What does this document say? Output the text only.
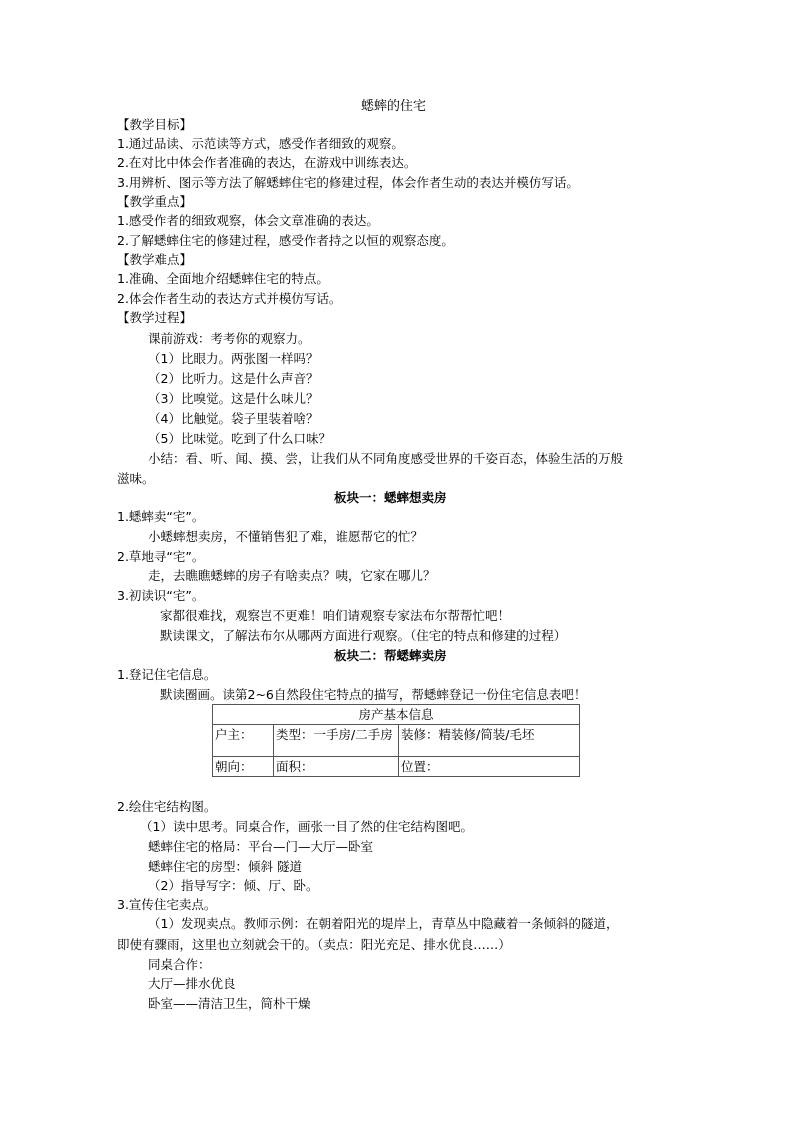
蟋蟀的住宅
【教学目标】
1.通过品读、示范读等方式，感受作者细致的观察。
2.在对比中体会作者准确的表达，在游戏中训练表达。
3.用辨析、图示等方法了解蟋蟀住宅的修建过程，体会作者生动的表达并模仿写话。
【教学重点】
1.感受作者的细致观察，体会文章准确的表达。
2.了解蟋蟀住宅的修建过程，感受作者持之以恒的观察态度。
【教学难点】
1.准确、全面地介绍蟋蟀住宅的特点。
2.体会作者生动的表达方式并模仿写话。
【教学过程】
课前游戏：考考你的观察力。
（1）比眼力。两张图一样吗？
（2）比听力。这是什么声音？
（3）比嗅觉。这是什么味儿？
（4）比触觉。袋子里装着啥？
（5）比味觉。吃到了什么口味？
小结：看、听、闻、摸、尝，让我们从不同角度感受世界的千姿百态，体验生活的万般
滋味。
板块一：蟋蟀想卖房
1.蟋蟀卖“宅”。
小蟋蟀想卖房，不懂销售犯了难，谁愿帮它的忙？
2.草地寻“宅”。
走，去瞧瞧蟋蟀的房子有啥卖点？咦，它家在哪儿？
3.初读识“宅”。
家都很难找，观察岂不更难！咱们请观察专家法布尔帮帮忙吧！
默读课文，了解法布尔从哪两方面进行观察。（住宅的特点和修建的过程）
板块二：帮蟋蟀卖房
1.登记住宅信息。
默读圈画。读第2~6自然段住宅特点的描写，帮蟋蟀登记一份住宅信息表吧！
房产基本信息		
户主：	类型：一手房/二手房	装修：精装修/简装/毛坯
朝向：	面积：	位置：
2.绘住宅结构图。
（1）读中思考。同桌合作，画张一目了然的住宅结构图吧。
蟋蟀住宅的格局：平台—门—大厅—卧室
蟋蟀住宅的房型：倾斜 隧道
（2）指导写字：倾、厅、卧。
3.宣传住宅卖点。
（1）发现卖点。教师示例：在朝着阳光的堤岸上，青草丛中隐藏着一条倾斜的隧道，
即使有骤雨，这里也立刻就会干的。（卖点：阳光充足、排水优良……）
同桌合作：
大厅—排水优良
卧室——清洁卫生，简朴干燥
